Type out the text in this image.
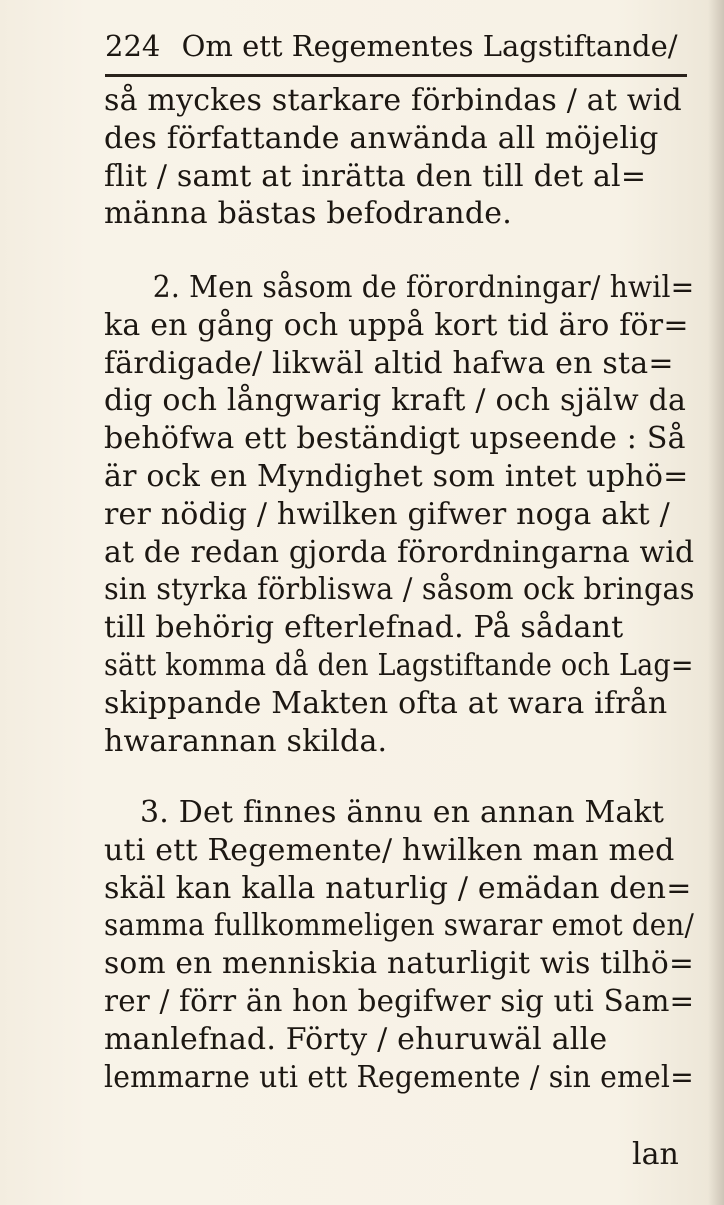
224 Om ett Regementes Lagstiftande/
så myckes starkare förbindas / at wid
des författande anwända all möjelig
flit / samt at inrätta den till det al=
männa bästas befodrande.
2. Men såsom de förordningar/ hwil=
ka en gång och uppå kort tid äro för=
färdigade/ likwäl altid hafwa en sta=
dig och långwarig kraft / och själw da
behöfwa ett beständigt upseende : Så
är ock en Myndighet som intet uphö=
rer nödig / hwilken gifwer noga akt /
at de redan gjorda förordningarna wid
sin styrka förbliswa / såsom ock bringas
till behörig efterlefnad. På sådant
sätt komma då den Lagstiftande och Lag=
skippande Makten ofta at wara ifrån
hwarannan skilda.
3. Det finnes ännu en annan Makt
uti ett Regemente/ hwilken man med
skäl kan kalla naturlig / emädan den=
samma fullkommeligen swarar emot den/
som en menniskia naturligit wis tilhö=
rer / förr än hon begifwer sig uti Sam=
manlefnad. Förty / ehuruwäl alle
lemmarne uti ett Regemente / sin emel=
lan
